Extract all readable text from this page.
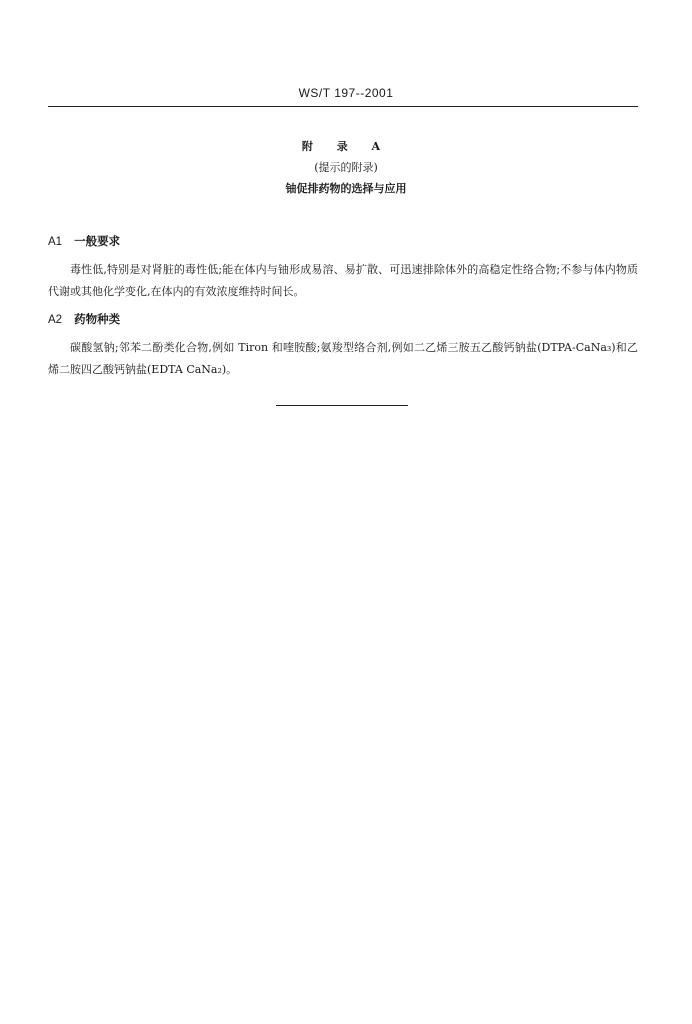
WS/T 197--2001
附 录 A
(提示的附录)
铀促排药物的选择与应用
A1 一般要求
毒性低,特别是对肾脏的毒性低;能在体内与铀形成易溶、易扩散、可迅速排除体外的高稳定性络合物;不参与体内物质代谢或其他化学变化,在体内的有效浓度维持时间长。
A2 药物种类
碳酸氢钠;邻苯二酚类化合物,例如 Tiron 和喹胺酸;氨羧型络合剂,例如二乙烯三胺五乙酸钙钠盐(DTPA-CaNa₃)和乙烯二胺四乙酸钙钠盐(EDTA CaNa₂)。
